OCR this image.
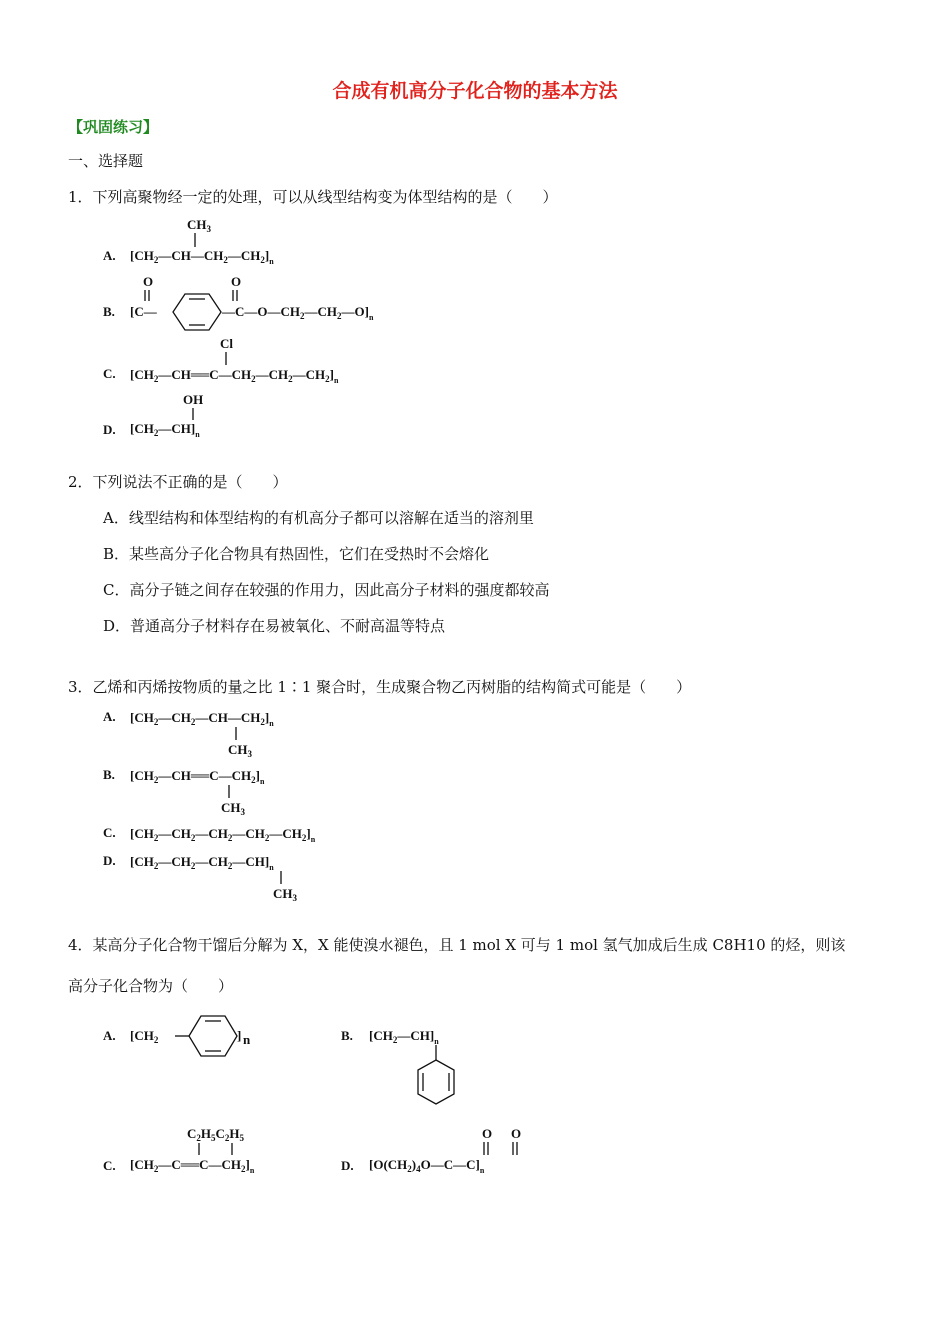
合成有机高分子化合物的基本方法
【巩固练习】
一、选择题
1．下列高聚物经一定的处理，可以从线型结构变为体型结构的是（　　）
A.
B.
C.
D.
$CH_3$
$[CH_2—CH—CH_2—CH_2]_n$
O
[C—	$—C—O—CH_2—CH_2—O]_n$
O
Cl
$[CH_2—CH══C—CH_2—CH_2—CH_2]_n$
OH
$[CH_2—CH]_n$
2．下列说法不正确的是（　　）
A．线型结构和体型结构的有机高分子都可以溶解在适当的溶剂里
B．某些高分子化合物具有热固性，它们在受热时不会熔化
C．高分子链之间存在较强的作用力，因此高分子材料的强度都较高
D．普通高分子材料存在易被氧化、不耐高温等特点
3．乙烯和丙烯按物质的量之比 1∶1 聚合时，生成聚合物乙丙树脂的结构简式可能是（　　）
A.
B.
C.
D.
$[CH_2—CH_2—CH—CH_2]_n$
$CH_3$
$[CH_2—CH══C—CH_2]_n$
$CH_3$
$[CH_2—CH_2—CH_2—CH_2—CH_2]_n$
$[CH_2—CH_2—CH_2—CH]_n$
$CH_3$
4．某高分子化合物干馏后分解为 X，X 能使溴水褪色，且 1 mol X 可与 1 mol 氢气加成后生成 C8H10 的烃，则该
高分子化合物为（　　）
A.	B.
C.	D.
[$CH_2$	] n	$[CH_2—CH]_n$
$C_2H_5C_2H_5$
$[CH_2—C══C—CH_2]_n$
O O
$[O(CH_2)_4O—C—C]_n$
